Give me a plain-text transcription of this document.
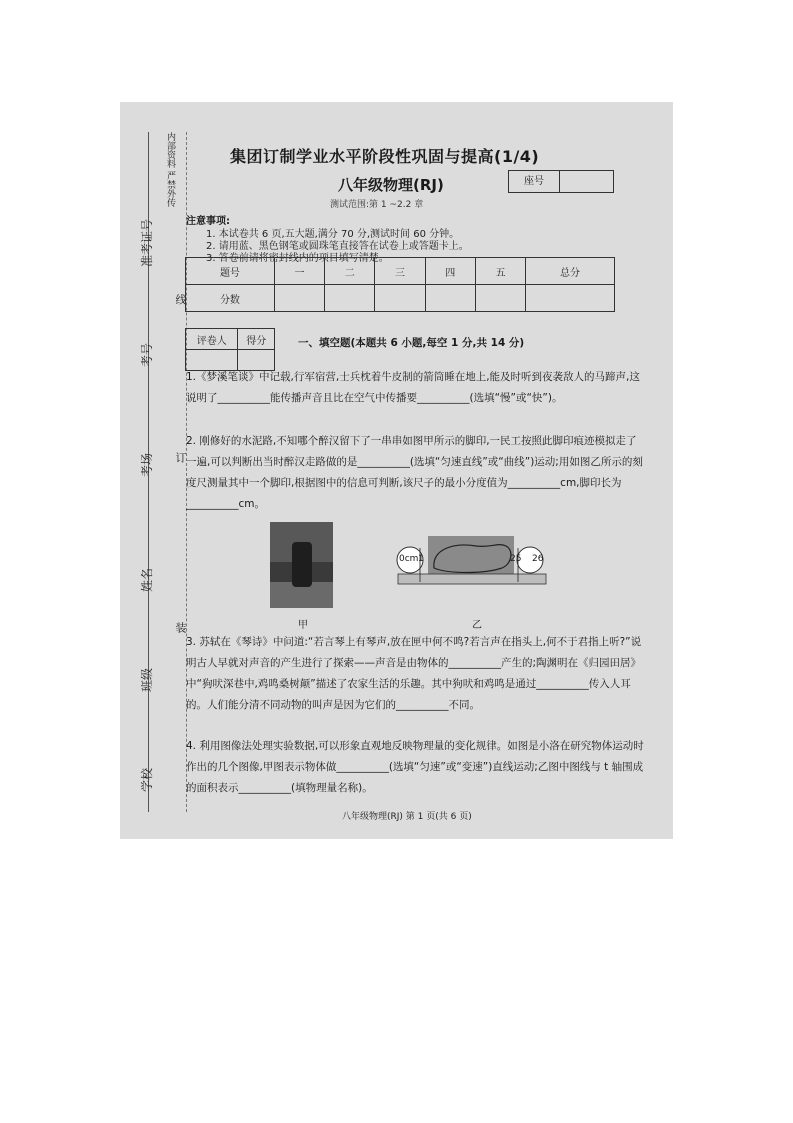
准考证号
考号
考场
姓名
班级
学校
线
订
装
内部资料 严禁外传	集团订制学业水平阶段性巩固与提高(1/4)
八年级物理(RJ)	座号
测试范围:第 1 ~2.2 章
注意事项:
1. 本试卷共 6 页,五大题,满分 70 分,测试时间 60 分钟。
2. 请用蓝、黑色钢笔或圆珠笔直接答在试卷上或答题卡上。
3. 答卷前请将密封线内的项目填写清楚。
题号	一	二	三	四	五	总分
分数						
评卷人	得分
		一、填空题(本题共 6 小题,每空 1 分,共 14 分)
1.《梦溪笔谈》中记载,行军宿营,士兵枕着牛皮制的箭筒睡在地上,能及时听到夜袭敌人的马蹄声,这说明了__________能传播声音且比在空气中传播要__________(选填“慢”或“快”)。
2. 刚修好的水泥路,不知哪个醉汉留下了一串串如图甲所示的脚印,一民工按照此脚印痕迹模拟走了一遍,可以判断出当时醉汉走路做的是__________(选填“匀速直线”或“曲线”)运动;用如图乙所示的刻度尺测量其中一个脚印,根据图中的信息可判断,该尺子的最小分度值为__________cm,脚印长为__________cm。
甲
0cm 1	25 26
乙
3. 苏轼在《琴诗》中问道:“若言琴上有琴声,放在匣中何不鸣?若言声在指头上,何不于君指上听?”说明古人早就对声音的产生进行了探索——声音是由物体的__________产生的;陶渊明在《归园田居》中“狗吠深巷中,鸡鸣桑树颠”描述了农家生活的乐趣。其中狗吠和鸡鸣是通过__________传入人耳的。人们能分清不同动物的叫声是因为它们的__________不同。
4. 利用图像法处理实验数据,可以形象直观地反映物理量的变化规律。如图是小洛在研究物体运动时作出的几个图像,甲图表示物体做__________(选填“匀速”或“变速”)直线运动;乙图中图线与 t 轴围成的面积表示__________(填物理量名称)。
八年级物理(RJ) 第 1 页(共 6 页)
